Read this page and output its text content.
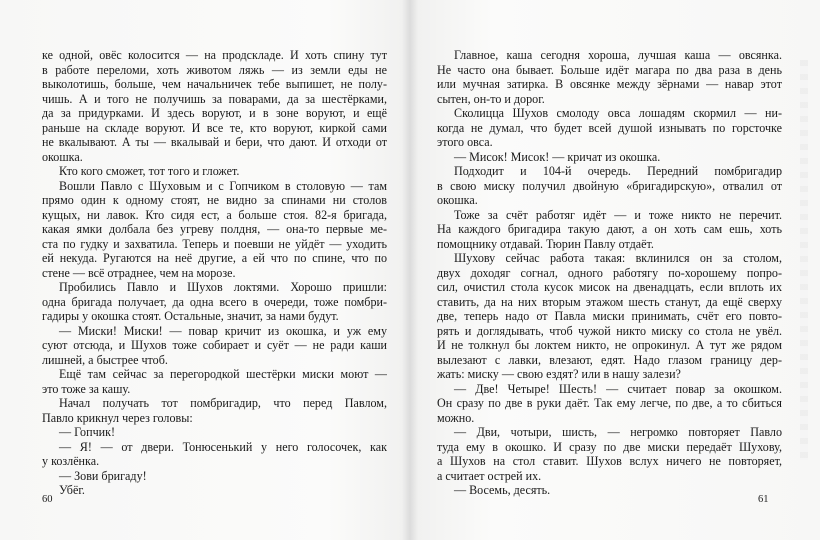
ке одной, овёс колосится — на продскладе. И хоть спину тут
в работе переломи, хоть животом ляжь — из земли еды не
выколотишь, больше, чем начальничек тебе выпишет, не полу-
чишь. А и того не получишь за поварами, да за шестёрками,
да за придурками. И здесь воруют, и в зоне воруют, и ещё
раньше на складе воруют. И все те, кто воруют, киркой сами
не вкалывают. А ты — вкалывай и бери, что дают. И отходи от
окошка.
Кто кого сможет, тот того и гложет.
Вошли Павло с Шуховым и с Гопчиком в столовую — там
прямо один к одному стоят, не видно за спинами ни столов
кущых, ни лавок. Кто сидя ест, а больше стоя. 82-я бригада,
какая ямки долбала без угреву полдня, — она-то первые ме-
ста по гудку и захватила. Теперь и поевши не уйдёт — уходить
ей некуда. Ругаются на неё другие, а ей что по спине, что по
стене — всё отраднее, чем на морозе.
Пробились Павло и Шухов локтями. Хорошо пришли:
одна бригада получает, да одна всего в очереди, тоже помбри-
гадиры у окошка стоят. Остальные, значит, за нами будут.
— Миски! Миски! — повар кричит из окошка, и уж ему
суют отсюда, и Шухов тоже собирает и суёт — не ради каши
лишней, а быстрее чтоб.
Ещё там сейчас за перегородкой шестёрки миски моют —
это тоже за кашу.
Начал получать тот помбригадир, что перед Павлом,
Павло крикнул через головы:
— Гопчик!
— Я! — от двери. Тонюсенький у него голосочек, как
у козлёнка.
— Зови бригаду!
Убёг.
Главное, каша сегодня хороша, лучшая каша — овсянка.
Не часто она бывает. Больше идёт магара по два раза в день
или мучная затирка. В овсянке между зёрнами — навар этот
сытен, он-то и дорог.
Сколицца Шухов смолоду овса лошадям скормил — ни-
когда не думал, что будет всей душой изнывать по горсточке
этого овса.
— Мисок! Мисок! — кричат из окошка.
Подходит и 104-й очередь. Передний помбригадир
в свою миску получил двойную «бригадирскую», отвалил от
окошка.
Тоже за счёт работяг идёт — и тоже никто не перечит.
На каждого бригадира такую дают, а он хоть сам ешь, хоть
помощнику отдавай. Тюрин Павлу отдаёт.
Шухову сейчас работа такая: вклинился он за столом,
двух доходяг согнал, одного работягу по-хорошему попро-
сил, очистил стола кусок мисок на двенадцать, если вплоть их
ставить, да на них вторым этажом шесть станут, да ещё сверху
две, теперь надо от Павла миски принимать, счёт его повто-
рять и доглядывать, чтоб чужой никто миску со стола не увёл.
И не толкнул бы локтем никто, не опрокинул. А тут же рядом
вылезают с лавки, влезают, едят. Надо глазом границу дер-
жать: миску — свою ездят? или в нашу залези?
— Две! Четыре! Шесть! — считает повар за окошком.
Он сразу по две в руки даёт. Так ему легче, по две, а то сбиться
можно.
— Дви, чотыри, шисть, — негромко повторяет Павло
туда ему в окошко. И сразу по две миски передаёт Шухову,
а Шухов на стол ставит. Шухов вслух ничего не повторяет,
а считает острей их.
— Восемь, десять.
60	61
